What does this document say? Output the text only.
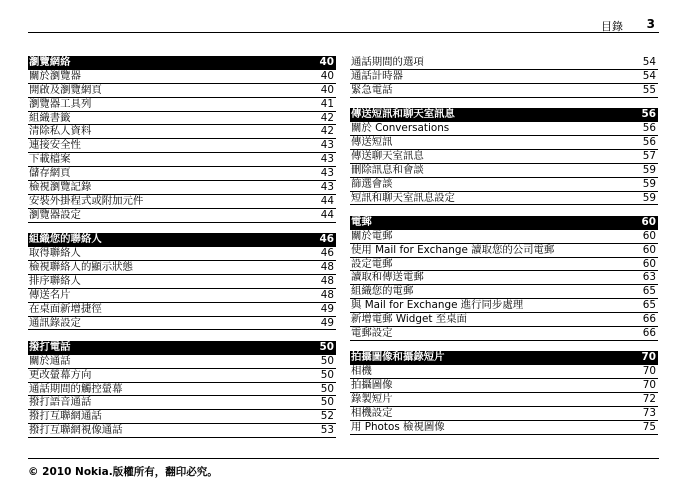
目錄 3
瀏覽網絡	40
關於瀏覽器	40
開啟及瀏覽網頁	40
瀏覽器工具列	41
組織書籤	42
清除私人資料	42
連接安全性	43
下載檔案	43
儲存網頁	43
檢視瀏覽記錄	43
安裝外掛程式或附加元件	44
瀏覽器設定	44
組織您的聯絡人	46
取得聯絡人	46
檢視聯絡人的顯示狀態	48
排序聯絡人	48
傳送名片	48
在桌面新增捷徑	49
通訊錄設定	49
撥打電話	50
關於通話	50
更改螢幕方向	50
通話期間的觸控螢幕	50
撥打語音通話	50
撥打互聯網通話	52
撥打互聯網視像通話	53
通話期間的選項	54
通話計時器	54
緊急電話	55
傳送短訊和聊天室訊息	56
關於 Conversations	56
傳送短訊	56
傳送聊天室訊息	57
刪除訊息和會談	59
篩選會談	59
短訊和聊天室訊息設定	59
電郵	60
關於電郵	60
使用 Mail for Exchange 讀取您的公司電郵	60
設定電郵	60
讀取和傳送電郵	63
組織您的電郵	65
與 Mail for Exchange 進行同步處理	65
新增電郵 Widget 至桌面	66
電郵設定	66
拍攝圖像和攝錄短片	70
相機	70
拍攝圖像	70
錄製短片	72
相機設定	73
用 Photos 檢視圖像	75
© 2010 Nokia.版權所有，翻印必究。
